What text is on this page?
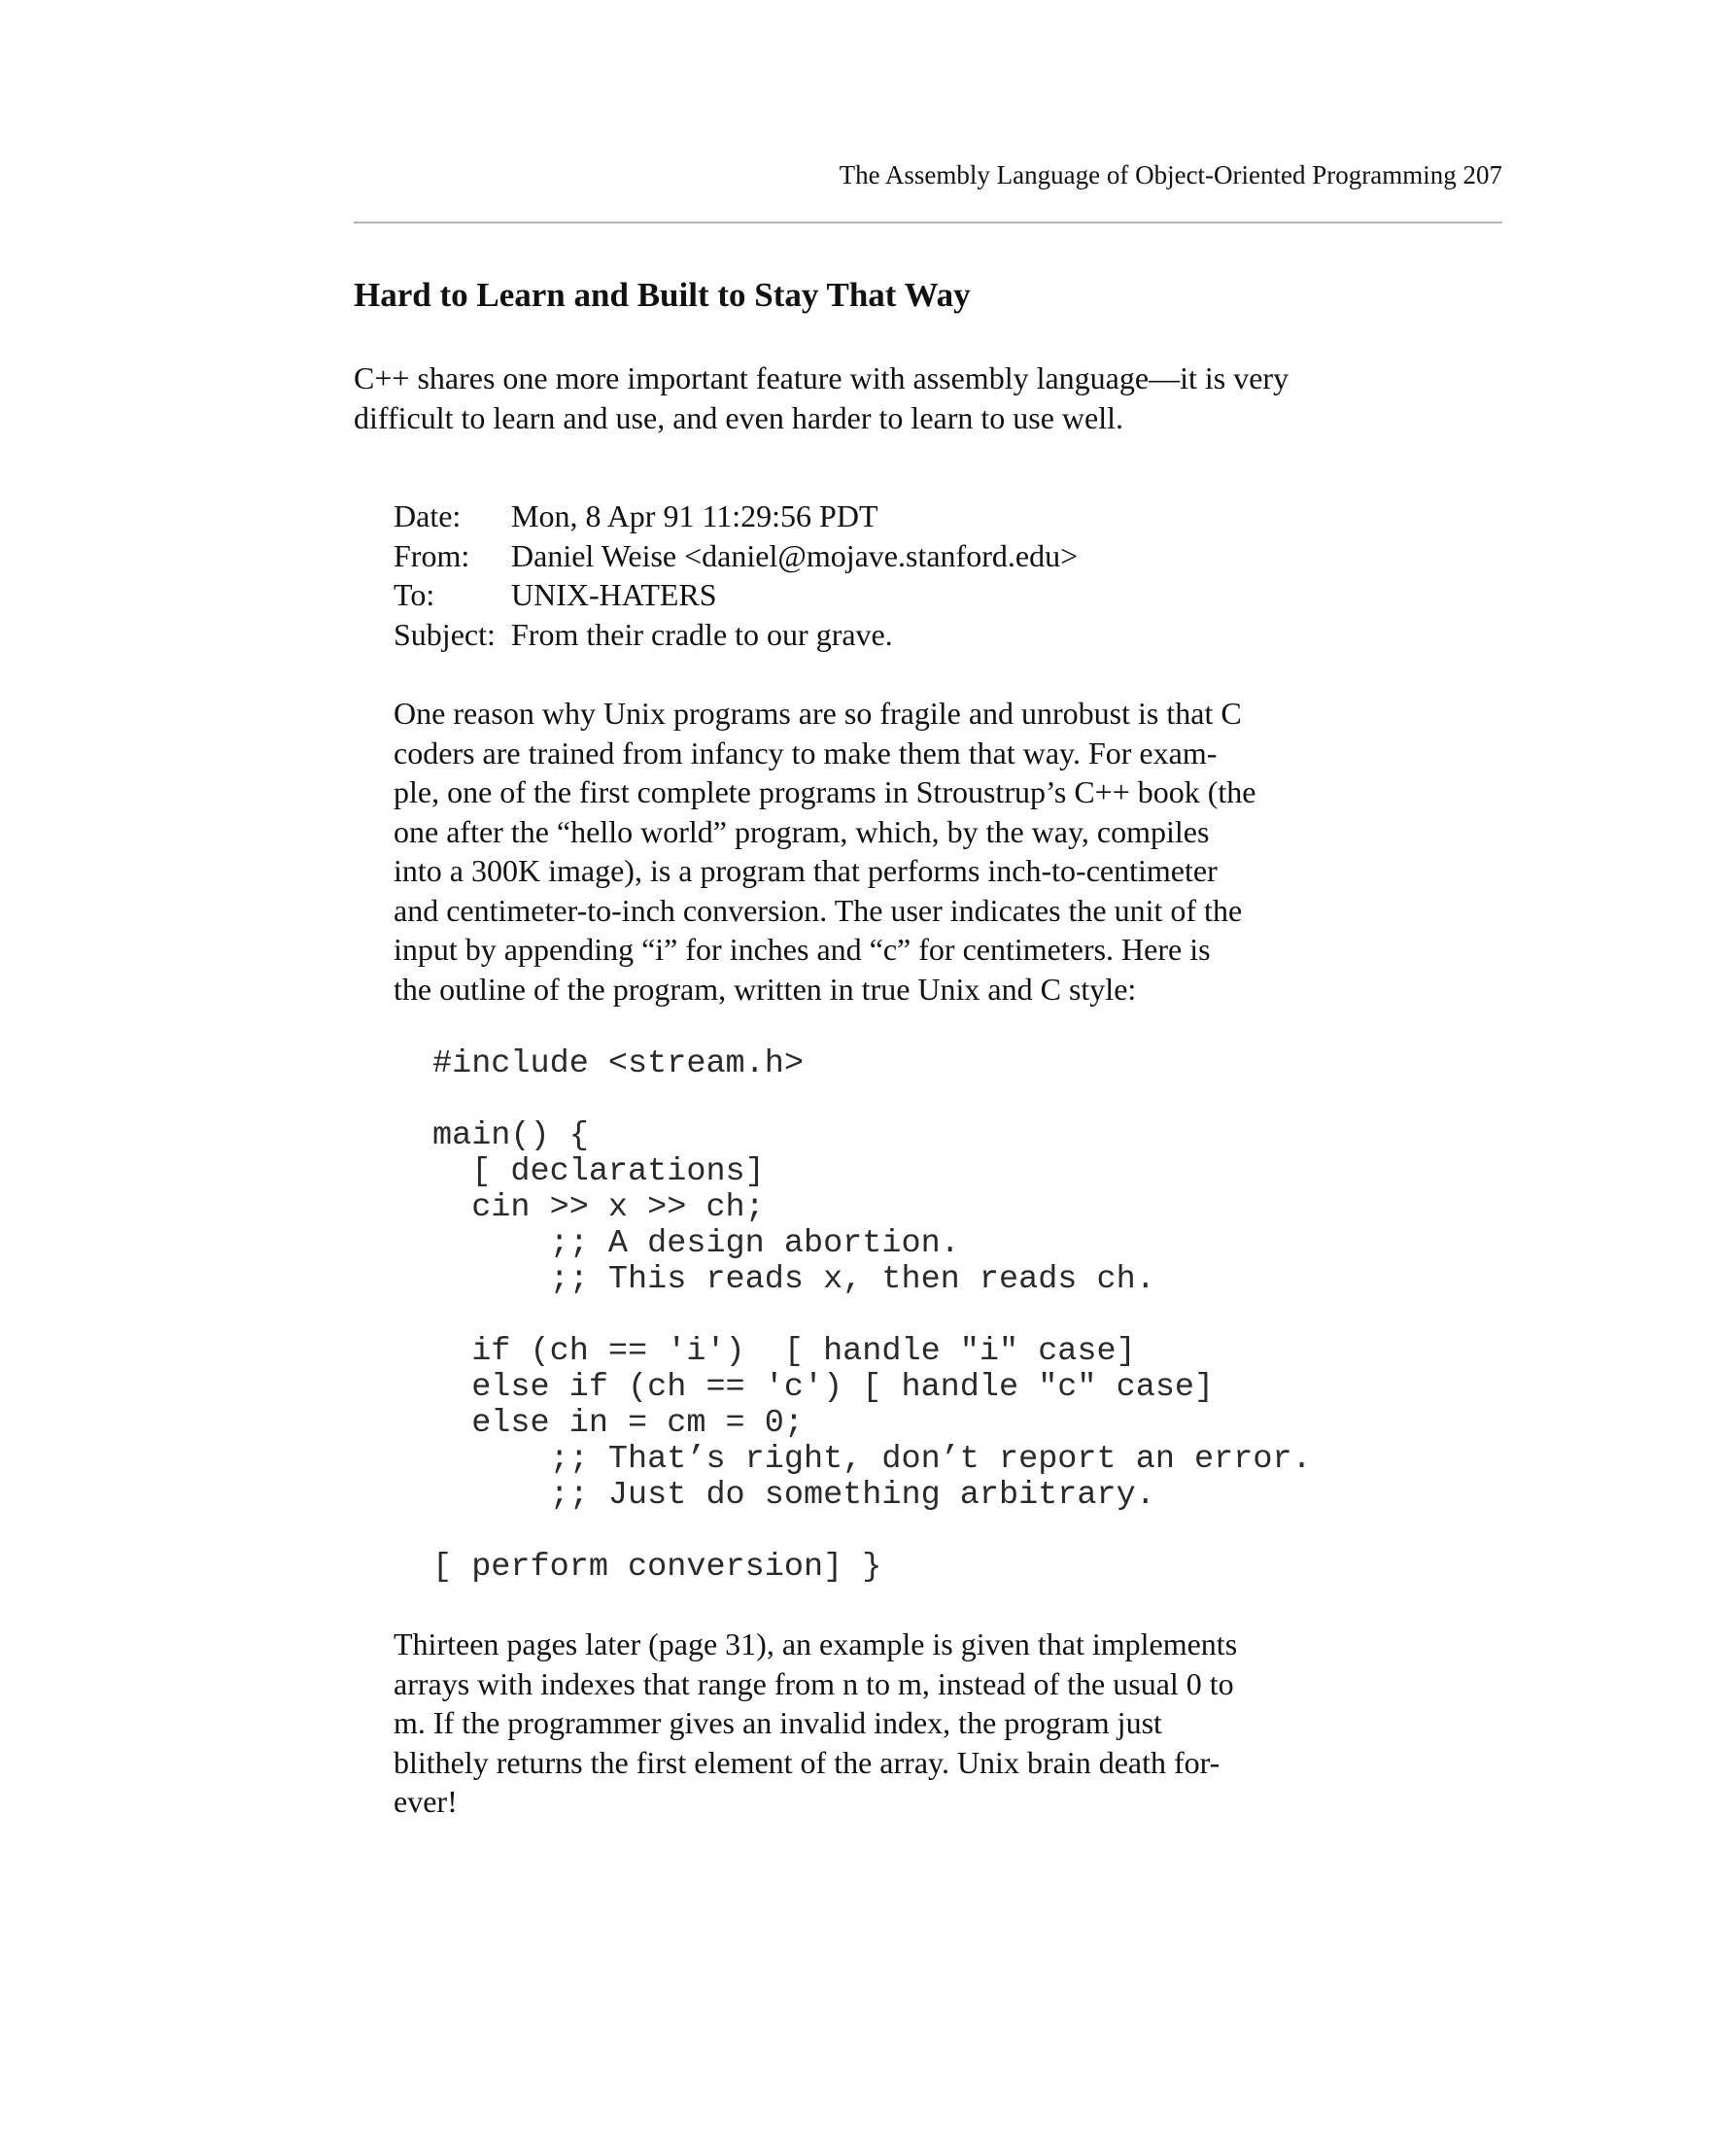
The Assembly Language of Object-Oriented Programming 207
Hard to Learn and Built to Stay That Way

C++ shares one more important feature with assembly language—it is very
difficult to learn and use, and even harder to learn to use well.

Date:	Mon, 8 Apr 91 11:29:56 PDT
From:	Daniel Weise <daniel@mojave.stanford.edu>
To:	UNIX-HATERS
Subject: From their cradle to our grave.

One reason why Unix programs are so fragile and unrobust is that C
coders are trained from infancy to make them that way. For exam-
ple, one of the first complete programs in Stroustrup’s C++ book (the
one after the “hello world” program, which, by the way, compiles
into a 300K image), is a program that performs inch-to-centimeter
and centimeter-to-inch conversion. The user indicates the unit of the
input by appending “i” for inches and “c” for centimeters. Here is
the outline of the program, written in true Unix and C style:

#include <stream.h>
main() {
[ declarations]
cin >> x >> ch;
;; A design abortion.
;; This reads x, then reads ch.
if (ch == 'i')  [ handle "i" case]
else if (ch == 'c') [ handle "c" case]
else in = cm = 0;
;; That’s right, don’t report an error.
;; Just do something arbitrary.
[ perform conversion] }

Thirteen pages later (page 31), an example is given that implements
arrays with indexes that range from n to m, instead of the usual 0 to
m. If the programmer gives an invalid index, the program just
blithely returns the first element of the array. Unix brain death for-
ever!
